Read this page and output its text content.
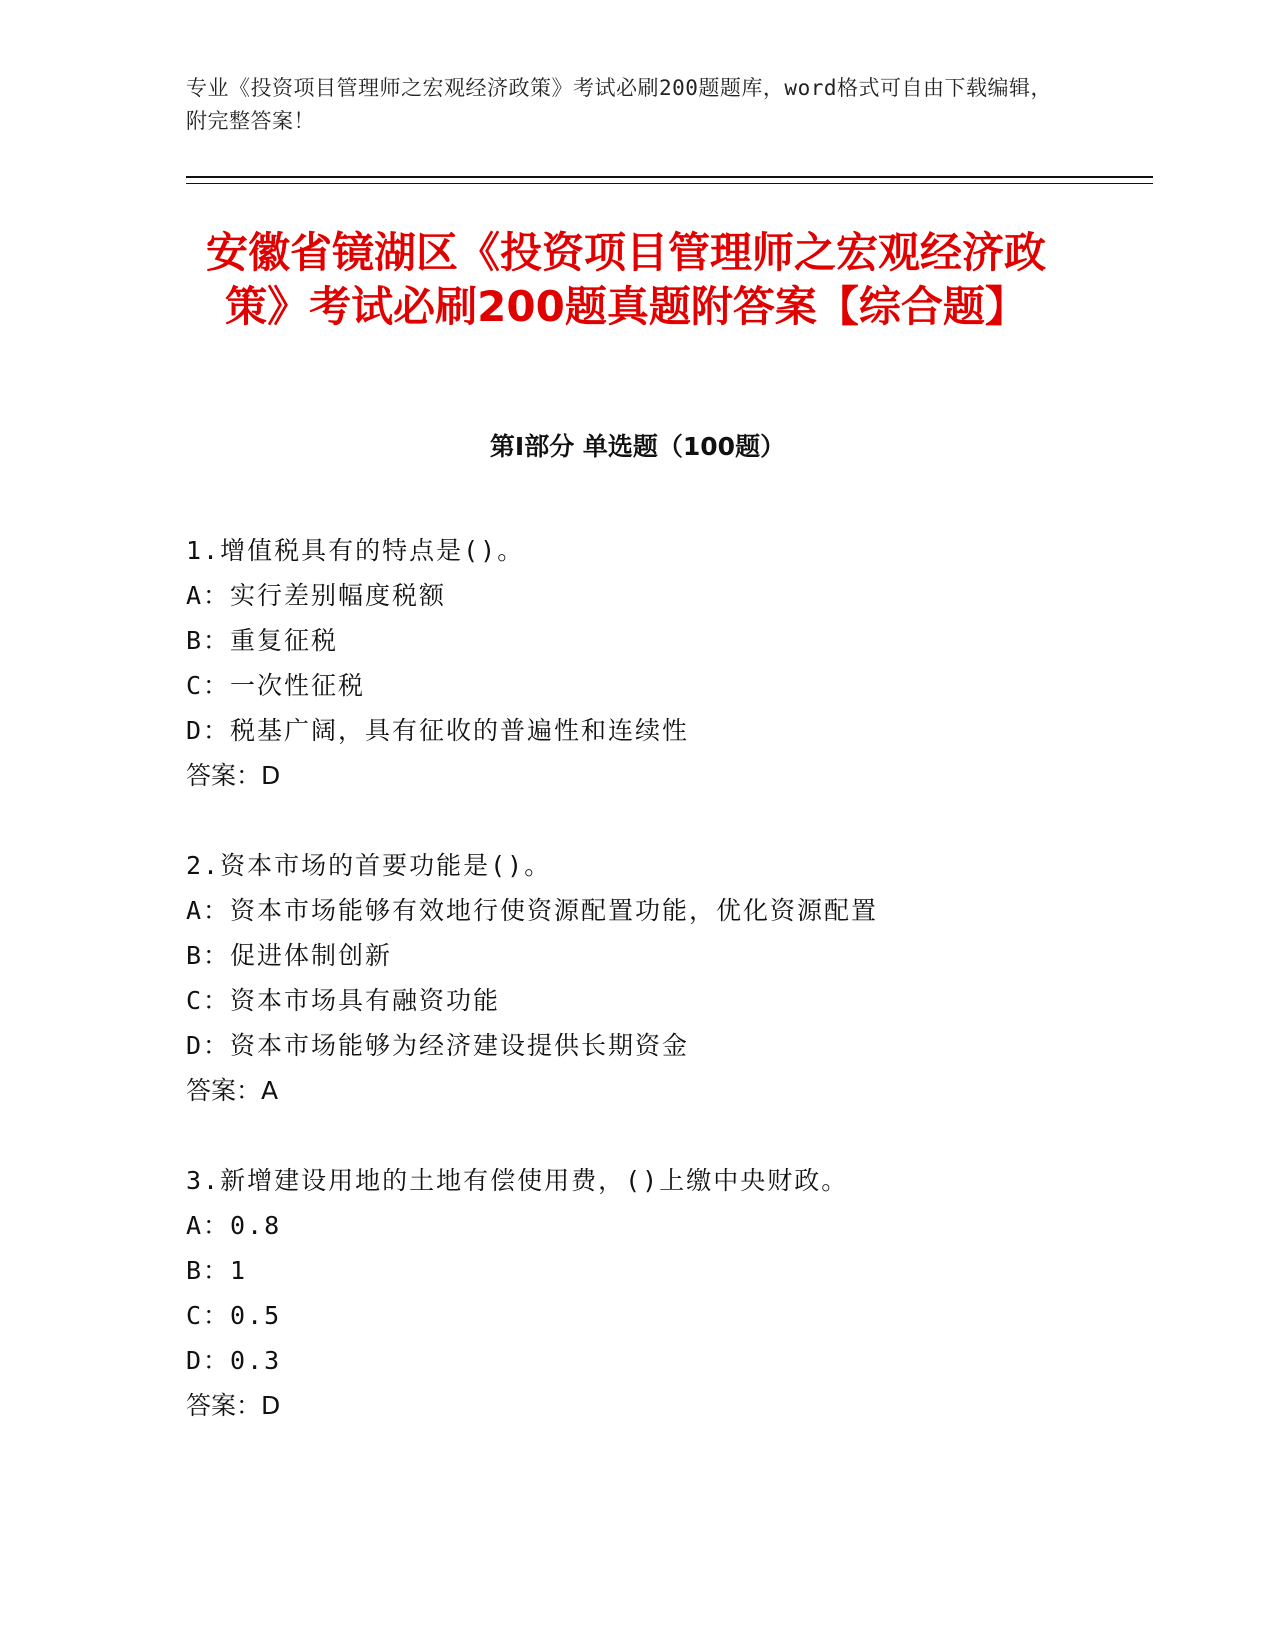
专业《投资项目管理师之宏观经济政策》考试必刷200题题库，word格式可自由下载编辑，附完整答案！
安徽省镜湖区《投资项目管理师之宏观经济政策》考试必刷200题真题附答案【综合题】
第I部分 单选题（100题）
1.增值税具有的特点是()。
A：实行差别幅度税额
B：重复征税
C：一次性征税
D：税基广阔，具有征收的普遍性和连续性
答案：D
2.资本市场的首要功能是()。
A：资本市场能够有效地行使资源配置功能，优化资源配置
B：促进体制创新
C：资本市场具有融资功能
D：资本市场能够为经济建设提供长期资金
答案：A
3.新增建设用地的土地有偿使用费，()上缴中央财政。
A：0.8
B：1
C：0.5
D：0.3
答案：D
